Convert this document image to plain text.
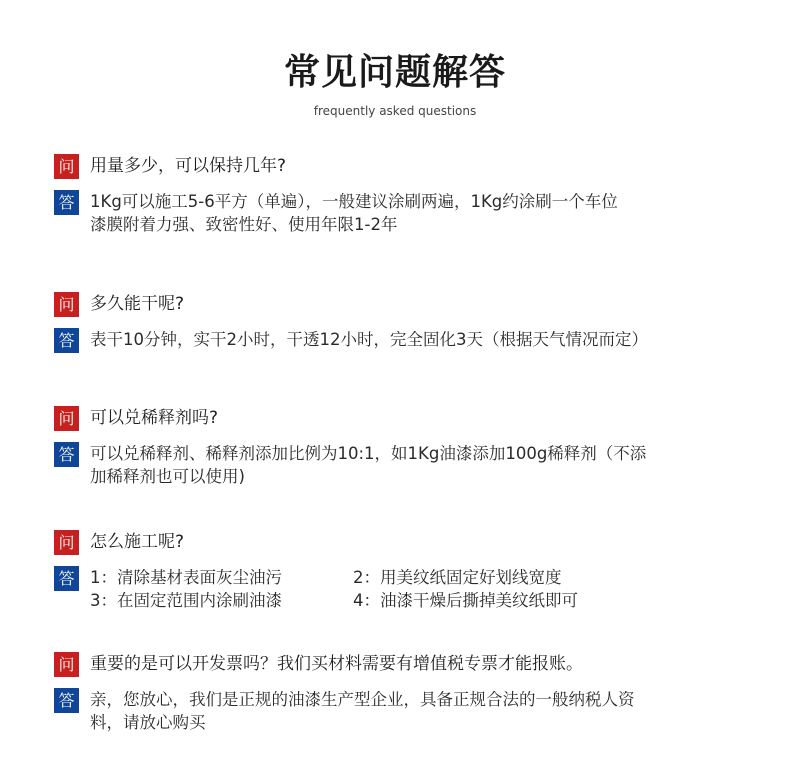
常见问题解答
frequently asked questions
问 用量多少，可以保持几年?
答 1Kg可以施工5-6平方（单遍），一般建议涂刷两遍，1Kg约涂刷一个车位
漆膜附着力强、致密性好、使用年限1-2年
问 多久能干呢?
答 表干10分钟，实干2小时，干透12小时，完全固化3天（根据天气情况而定）
问 可以兑稀释剂吗?
答 可以兑稀释剂、稀释剂添加比例为10:1，如1Kg油漆添加100g稀释剂（不添
加稀释剂也可以使用)
问 怎么施工呢?
答 1：清除基材表面灰尘油污	2：用美纹纸固定好划线宽度
3：在固定范围内涂刷油漆	4：油漆干燥后撕掉美纹纸即可
问 重要的是可以开发票吗？我们买材料需要有增值税专票才能报账。
答 亲，您放心，我们是正规的油漆生产型企业，具备正规合法的一般纳税人资
料，请放心购买
